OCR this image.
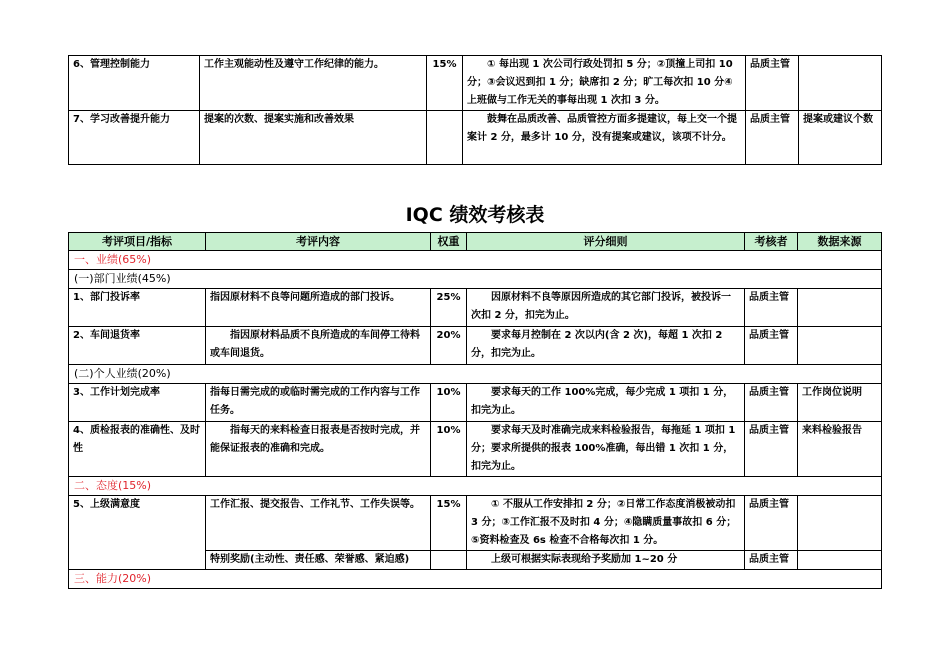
6、管理控制能力	工作主观能动性及遵守工作纪律的能力。	15%	① 每出现 1 次公司行政处罚扣 5 分；②顶撞上司扣 10 分；③会议迟到扣 1 分；缺席扣 2 分；旷工每次扣 10 分④ 上班做与工作无关的事每出现 1 次扣 3 分。	品质主管	
7、学习改善提升能力	提案的次数、提案实施和改善效果		鼓舞在品质改善、品质管控方面多提建议，每上交一个提案计 2 分，最多计 10 分，没有提案或建议，该项不计分。	品质主管	提案或建议个数
IQC 绩效考核表
考评项目/指标	考评内容	权重	评分细则	考核者	数据来源
一、业绩(65%)					
(一)部门业绩(45%)					
1、部门投诉率	指因原材料不良等问题所造成的部门投诉。	25%	因原材料不良等原因所造成的其它部门投诉，被投诉一次扣 2 分，扣完为止。	品质主管	
2、车间退货率	指因原材料品质不良所造成的车间停工待料或车间退货。	20%	要求每月控制在 2 次以内(含 2 次)，每超 1 次扣 2 分，扣完为止。	品质主管	
(二)个人业绩(20%)					
3、工作计划完成率	指每日需完成的或临时需完成的工作内容与工作任务。	10%	要求每天的工作 100%完成，每少完成 1 项扣 1 分，扣完为止。	品质主管	工作岗位说明
4、质检报表的准确性、及时性	指每天的来料检查日报表是否按时完成，并能保证报表的准确和完成。	10%	要求每天及时准确完成来料检验报告，每拖延 1 项扣 1 分；要求所提供的报表 100%准确，每出错 1 次扣 1 分，扣完为止。	品质主管	来料检验报告
二、态度(15%)					
5、上级满意度	工作汇报、提交报告、工作礼节、工作失误等。	15%	① 不服从工作安排扣 2 分；②日常工作态度消极被动扣 3 分；③工作汇报不及时扣 4 分；④隐瞒质量事故扣 6 分；⑤资料检查及 6s 检查不合格每次扣 1 分。	品质主管	
	特别奖励(主动性、责任感、荣誉感、紧迫感)		上级可根据实际表现给予奖励加 1~20 分	品质主管	
三、能力(20%)					
